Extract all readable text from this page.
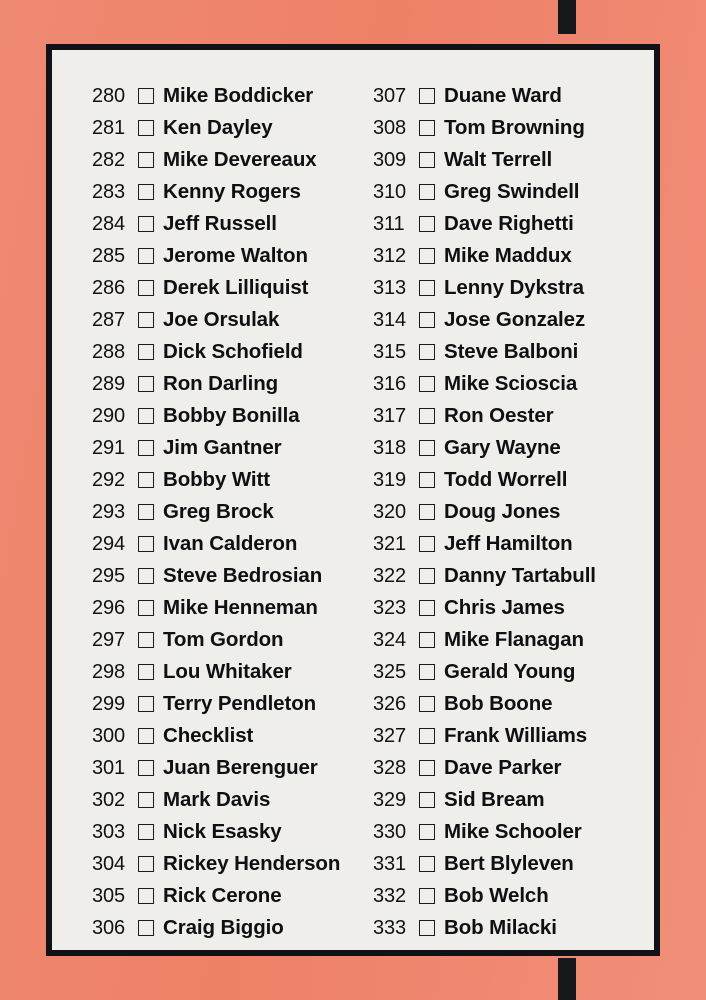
280	Mike Boddicker
281	Ken Dayley
282	Mike Devereaux
283	Kenny Rogers
284	Jeff Russell
285	Jerome Walton
286	Derek Lilliquist
287	Joe Orsulak
288	Dick Schofield
289	Ron Darling
290	Bobby Bonilla
291	Jim Gantner
292	Bobby Witt
293	Greg Brock
294	Ivan Calderon
295	Steve Bedrosian
296	Mike Henneman
297	Tom Gordon
298	Lou Whitaker
299	Terry Pendleton
300	Checklist
301	Juan Berenguer
302	Mark Davis
303	Nick Esasky
304	Rickey Henderson
305	Rick Cerone
306	Craig Biggio
307	Duane Ward
308	Tom Browning
309	Walt Terrell
310	Greg Swindell
311	Dave Righetti
312	Mike Maddux
313	Lenny Dykstra
314	Jose Gonzalez
315	Steve Balboni
316	Mike Scioscia
317	Ron Oester
318	Gary Wayne
319	Todd Worrell
320	Doug Jones
321	Jeff Hamilton
322	Danny Tartabull
323	Chris James
324	Mike Flanagan
325	Gerald Young
326	Bob Boone
327	Frank Williams
328	Dave Parker
329	Sid Bream
330	Mike Schooler
331	Bert Blyleven
332	Bob Welch
333	Bob Milacki
